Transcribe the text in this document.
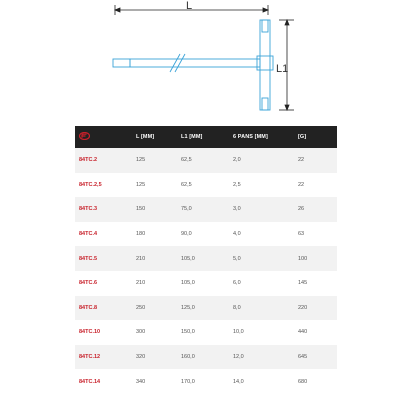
L
L1
	L [MM]	L1 [MM]	6 PANS [MM]	[G]
84TC.2	125	62,5	2,0	22
84TC.2,5	125	62,5	2,5	22
84TC.3	150	75,0	3,0	26
84TC.4	180	90,0	4,0	63
84TC.5	210	105,0	5,0	100
84TC.6	210	105,0	6,0	145
84TC.8	250	125,0	8,0	220
84TC.10	300	150,0	10,0	440
84TC.12	320	160,0	12,0	645
84TC.14	340	170,0	14,0	680
